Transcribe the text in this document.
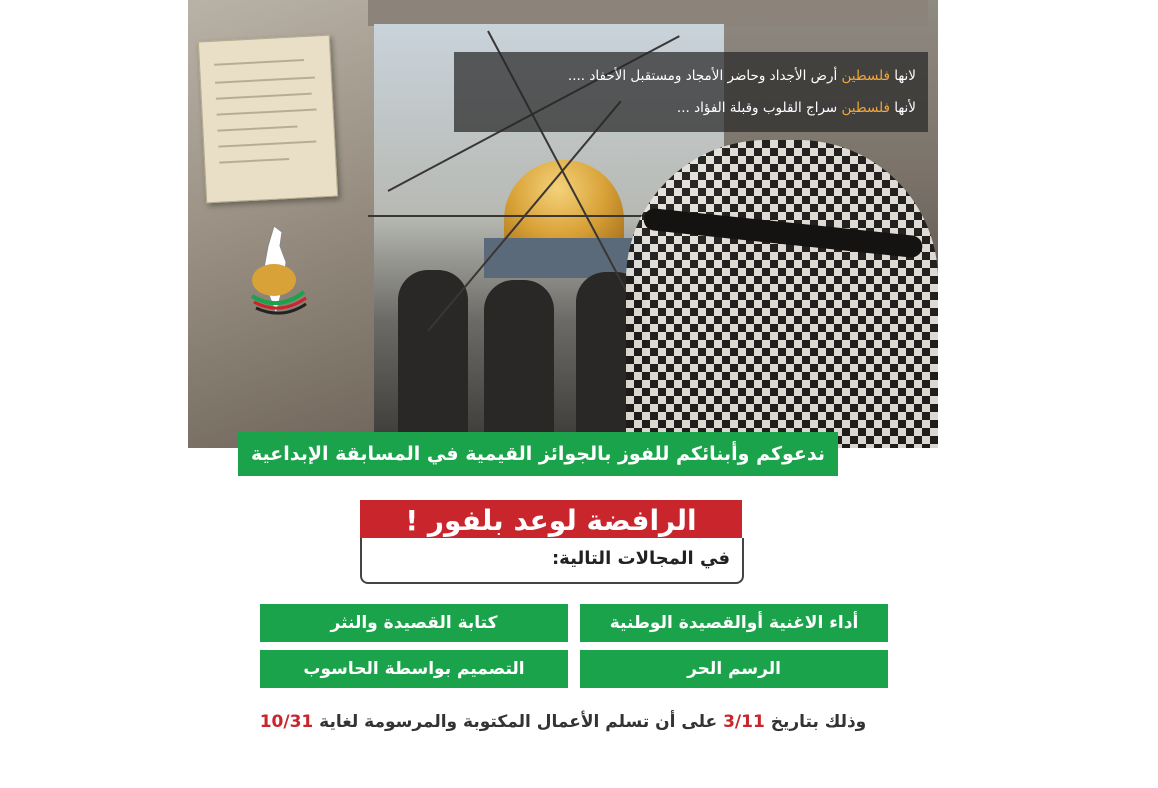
لانها فلسطين أرض الأجداد وحاضر الأمجاد ومستقبل الأحفاد ....
لأنها فلسطين سراج القلوب وقبلة الفؤاد ...
ندعوكم وأبنائكم للفوز بالجوائز القيمية في المسابقة الإبداعية
الرافضة لوعد بلفور !
في المجالات التالية:
أداء الاغنية أوالقصيدة الوطنية
كتابة القصيدة والنثر
الرسم الحر
التصميم بواسطة الحاسوب
وذلك بتاريخ 3/11 على أن تسلم الأعمال المكتوبة والمرسومة لغاية 10/31
